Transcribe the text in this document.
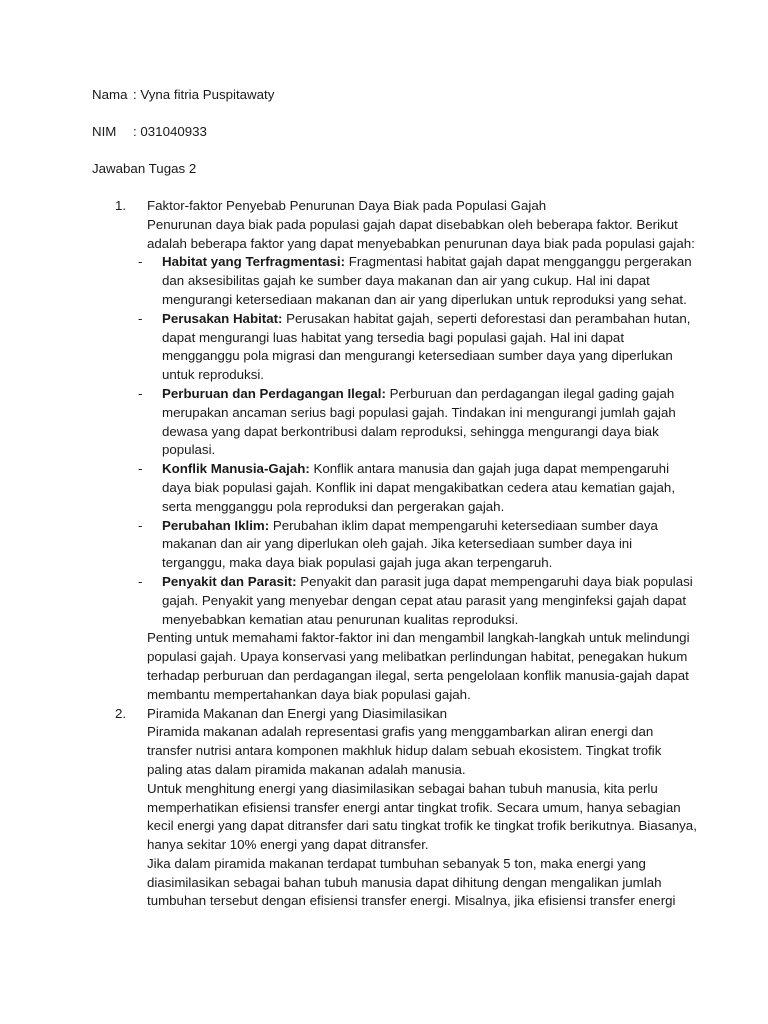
Nama : Vyna fitria Puspitawaty
NIM : 031040933
Jawaban Tugas 2
1. Faktor-faktor Penyebab Penurunan Daya Biak pada Populasi Gajah

Penurunan daya biak pada populasi gajah dapat disebabkan oleh beberapa faktor. Berikut adalah beberapa faktor yang dapat menyebabkan penurunan daya biak pada populasi gajah:

- Habitat yang Terfragmentasi: Fragmentasi habitat gajah dapat mengganggu pergerakan dan aksesibilitas gajah ke sumber daya makanan dan air yang cukup. Hal ini dapat mengurangi ketersediaan makanan dan air yang diperlukan untuk reproduksi yang sehat.
- Perusakan Habitat: Perusakan habitat gajah, seperti deforestasi dan perambahan hutan, dapat mengurangi luas habitat yang tersedia bagi populasi gajah. Hal ini dapat mengganggu pola migrasi dan mengurangi ketersediaan sumber daya yang diperlukan untuk reproduksi.
- Perburuan dan Perdagangan Ilegal: Perburuan dan perdagangan ilegal gading gajah merupakan ancaman serius bagi populasi gajah. Tindakan ini mengurangi jumlah gajah dewasa yang dapat berkontribusi dalam reproduksi, sehingga mengurangi daya biak populasi.
- Konflik Manusia-Gajah: Konflik antara manusia dan gajah juga dapat mempengaruhi daya biak populasi gajah. Konflik ini dapat mengakibatkan cedera atau kematian gajah, serta mengganggu pola reproduksi dan pergerakan gajah.
- Perubahan Iklim: Perubahan iklim dapat mempengaruhi ketersediaan sumber daya makanan dan air yang diperlukan oleh gajah. Jika ketersediaan sumber daya ini terganggu, maka daya biak populasi gajah juga akan terpengaruh.
- Penyakit dan Parasit: Penyakit dan parasit juga dapat mempengaruhi daya biak populasi gajah. Penyakit yang menyebar dengan cepat atau parasit yang menginfeksi gajah dapat menyebabkan kematian atau penurunan kualitas reproduksi.

Penting untuk memahami faktor-faktor ini dan mengambil langkah-langkah untuk melindungi populasi gajah. Upaya konservasi yang melibatkan perlindungan habitat, penegakan hukum terhadap perburuan dan perdagangan ilegal, serta pengelolaan konflik manusia-gajah dapat membantu mempertahankan daya biak populasi gajah.

2. Piramida Makanan dan Energi yang Diasimilasikan

Piramida makanan adalah representasi grafis yang menggambarkan aliran energi dan transfer nutrisi antara komponen makhluk hidup dalam sebuah ekosistem. Tingkat trofik paling atas dalam piramida makanan adalah manusia.

Untuk menghitung energi yang diasimilasikan sebagai bahan tubuh manusia, kita perlu memperhatikan efisiensi transfer energi antar tingkat trofik. Secara umum, hanya sebagian kecil energi yang dapat ditransfer dari satu tingkat trofik ke tingkat trofik berikutnya. Biasanya, hanya sekitar 10% energi yang dapat ditransfer.

Jika dalam piramida makanan terdapat tumbuhan sebanyak 5 ton, maka energi yang diasimilasikan sebagai bahan tubuh manusia dapat dihitung dengan mengalikan jumlah tumbuhan tersebut dengan efisiensi transfer energi. Misalnya, jika efisiensi transfer energi
